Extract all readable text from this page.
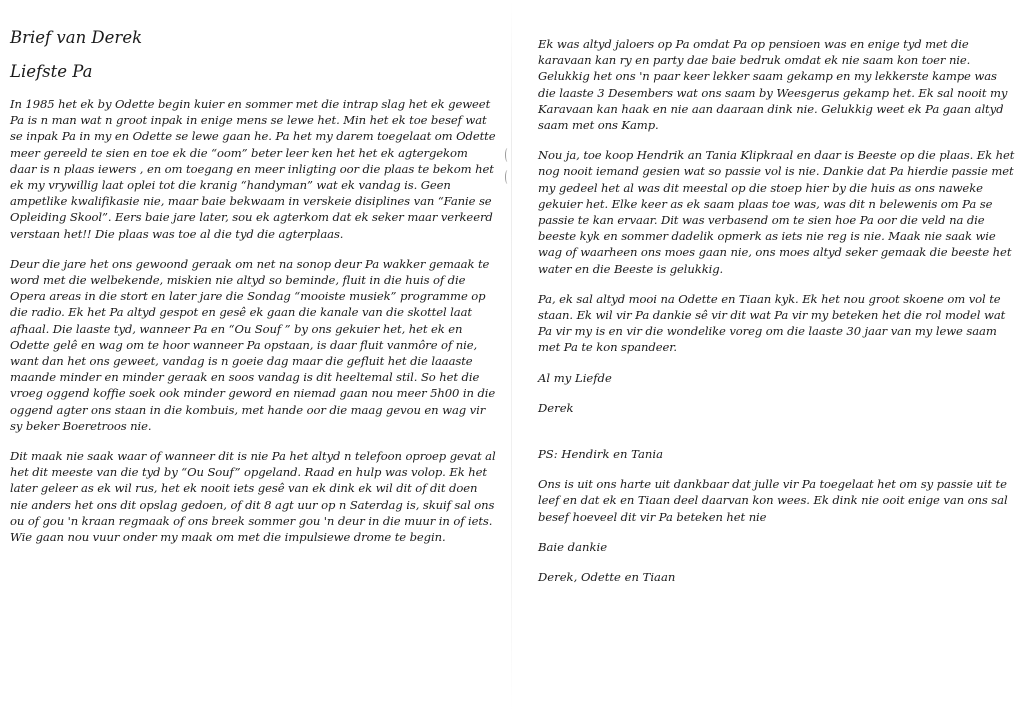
Brief van Derek
Liefste Pa

In 1985 het ek by Odette begin kuier en sommer met die intrap slag het ek geweet Pa is n man wat n groot inpak in enige mens se lewe het. Min het ek toe besef wat se inpak Pa in my en Odette se lewe gaan he. Pa het my darem toegelaat om Odette meer gereeld te sien en toe ek die “oom” beter leer ken het het ek agtergekom daar is n plaas iewers , en om toegang en meer inligting oor die plaas te bekom het ek my vrywillig laat oplei tot die kranig “handyman” wat ek vandag is. Geen ampetlike kwalifikasie nie, maar baie bekwaam in verskeie disiplines van “Fanie se Opleiding Skool”. Eers baie jare later, sou ek agterkom dat ek seker maar verkeerd verstaan het!! Die plaas was toe al die tyd die agterplaas.

Deur die jare het ons gewoond geraak om net na sonop deur Pa wakker gemaak te word met die welbekende, miskien nie altyd so beminde, fluit in die huis of die Opera areas in die stort en later jare die Sondag “mooiste musiek” programme op die radio. Ek het Pa altyd gespot en gesê ek gaan die kanale van die skottel laat afhaal. Die laaste tyd, wanneer Pa en “Ou Souf ” by ons gekuier het, het ek en Odette gelê en wag om te hoor wanneer Pa opstaan, is daar fluit vanmôre of nie, want dan het ons geweet, vandag is n goeie dag maar die gefluit het die laaaste maande minder en minder geraak en soos vandag is dit heeltemal stil. So het die vroeg oggend koffie soek ook minder geword en niemad gaan nou meer 5h00 in die oggend agter ons staan in die kombuis, met hande oor die maag gevou en wag vir sy beker Boeretroos nie.

Dit maak nie saak waar of wanneer dit is nie Pa het altyd n telefoon oproep gevat al het dit meeste van die tyd by “Ou Souf” opgeland. Raad en hulp was volop. Ek het later geleer as ek wil rus, het ek nooit iets gesê van ek dink ek wil dit of dit doen nie anders het ons dit opslag gedoen, of dit 8 agt uur op n Saterdag is, skuif sal ons ou of gou 'n kraan regmaak of ons breek sommer gou 'n deur in die muur in of iets. Wie gaan nou vuur onder my maak om met die impulsiewe drome te begin.

Ek was altyd jaloers op Pa omdat Pa op pensioen was en enige tyd met die karavaan kan ry en party dae baie bedruk omdat ek nie saam kon toer nie. Gelukkig het ons 'n paar keer lekker saam gekamp en my lekkerste kampe was die laaste 3 Desembers wat ons saam by Weesgerus gekamp het. Ek sal nooit my Karavaan kan haak en nie aan daaraan dink nie. Gelukkig weet ek Pa gaan altyd saam met ons Kamp.

Nou ja, toe koop Hendrik an Tania Klipkraal en daar is Beeste op die plaas. Ek het nog nooit iemand gesien wat so passie vol is nie. Dankie dat Pa hierdie passie met my gedeel het al was dit meestal op die stoep hier by die huis as ons naweke gekuier het. Elke keer as ek saam plaas toe was, was dit n belewenis om Pa se passie te kan ervaar. Dit was verbasend om te sien hoe Pa oor die veld na die beeste kyk en sommer dadelik opmerk as iets nie reg is nie. Maak nie saak wie wag of waarheen ons moes gaan nie, ons moes altyd seker gemaak die beeste het water en die Beeste is gelukkig.

Pa, ek sal altyd mooi na Odette en Tiaan kyk. Ek het nou groot skoene om vol te staan. Ek wil vir Pa dankie sê vir dit wat Pa vir my beteken het die rol model wat Pa vir my is en vir die wondelike voreg om die laaste 30 jaar van my lewe saam met Pa te kon spandeer.

Al my Liefde

Derek

PS: Hendirk en Tania

Ons is uit ons harte uit dankbaar dat julle vir Pa toegelaat het om sy passie uit te leef en dat ek en Tiaan deel daarvan kon wees. Ek dink nie ooit enige van ons sal besef hoeveel dit vir Pa beteken het nie

Baie dankie

Derek, Odette en Tiaan
